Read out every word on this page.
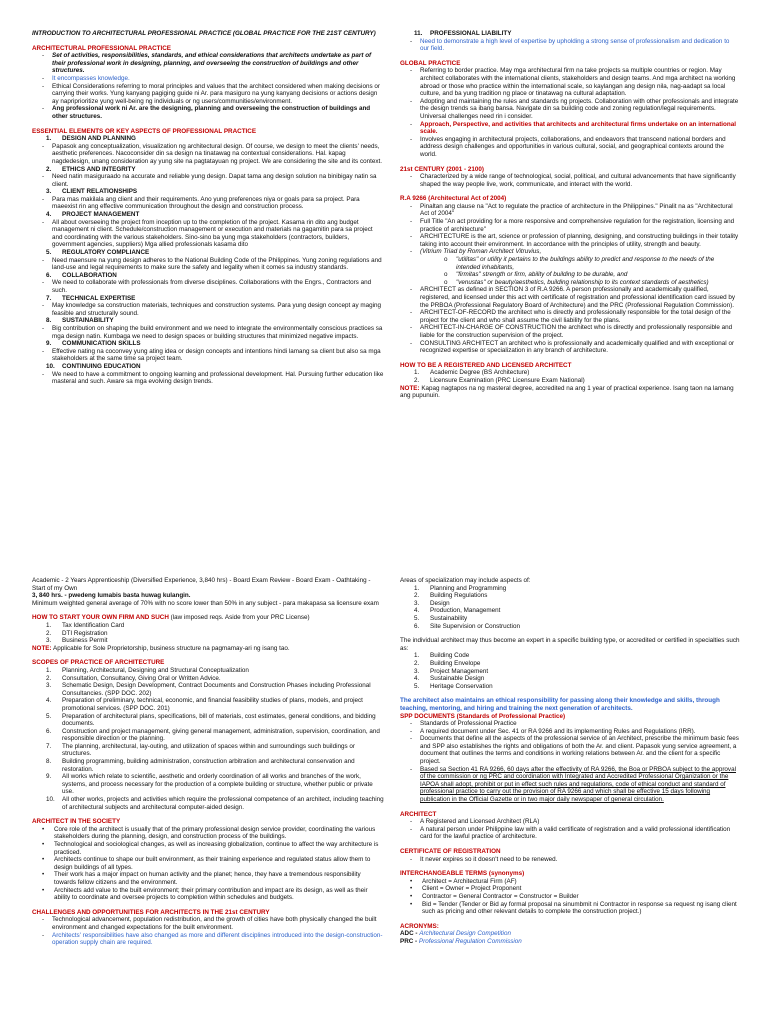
INTRODUCTION TO ARCHITECTURAL PROFESSIONAL PRACTICE (GLOBAL PRACTICE FOR THE 21ST CENTURY)
ARCHITECTURAL PROFESSIONAL PRACTICE
-	Set of activities, responsibilities, standards, and ethical considerations that architects undertake as part of their professional work in designing, planning, and overseeing the construction of buildings and other structures.
-	It encompasses knowledge.
-	Ethical Considerations referring to moral principles and values that the architect considered when making decisions or carrying their works. Yung kanyang pagiging guide ni Ar. para masiguro na yung kanyang decisions or actions design ay napriprioritize yung well-being ng individuals or ng users/communities/environment.
-	Ang professional work ni Ar. are the designing, planning and overseeing the construction of buildings and other structures.
ESSENTIAL ELEMENTS OR KEY ASPECTS OF PROFESSIONAL PRACTICE
1.	DESIGN AND PLANNING
-	Papasok ang conceptualization, visualization ng architectural design. Of course, we design to meet the clients' needs, aesthetic preferences. Nacoconsider din sa design na tinatawag na contextual considerations. Hal. kapag nagdedesign, unang consideration ay yung site na pagtatayuan ng project. We are considering the site and its context.
2.	ETHICS AND INTEGRITY
-	Need natin masiguraado na accurate and reliable yung design. Dapat tama ang design solution na binibigay natin sa client.
3.	CLIENT RELATIONSHIPS
-	Para mas makilala ang client and their requirements. Ano yung preferences niya or goals para sa project. Para maeexist rin ang effective communication throughout the design and construction process.
4.	PROJECT MANAGEMENT
-	All about overseeing the project from inception up to the completion of the project. Kasama rin dito ang budget management ni client. Schedule/construction management or execution and materials na gagamitin para sa project and coordinating with the various stakeholders. Sino-sino ba yung mga stakeholders (contractors, builders, government agencies, suppliers) Mga allied professionals kasama dito
5.	REGULATORY COMPLIANCE
-	Need maensure na yung design adheres to the National Building Code of the Philippines. Yung zoning regulations and land-use and legal requirements to make sure the safety and legality when it comes sa industry standards.
6.	COLLABORATION
-	We need to collaborate with professionals from diverse disciplines. Collaborations with the Engrs., Contractors and such.
7.	TECHNICAL EXPERTISE
-	May knowledge sa construction materials, techniques and construction systems. Para yung design concept ay maging feasible and structurally sound.
8.	SUSTAINABILITY
-	Big contribution on shaping the build environment and we need to integrate the environmentally conscious practices sa mga design natin. Kumbaga we need to design spaces or building structures that minimized negative impacts.
9.	COMMUNICATION SKILLS
-	Effective nating na coconvey yung ating idea or design concepts and intentions hindi lamang sa client but also sa mga stakeholders at the same time sa project team.
10.	CONTINUING EDUCATION
-	We need to have a commitment to ongoing learning and professional development. Hal. Pursuing further education like masteral and such. Aware sa mga evolving design trends.
11.	PROFESSIONAL LIABILITY
-	Need to demonstrate a high level of expertise by upholding a strong sense of professionalism and dedication to our field.
GLOBAL PRACTICE
-	Referring to border practice. May mga architectural firm na take projects sa multiple countries or region. May architect collaborates with the international clients, stakeholders and design teams. And mga architect na working abroad or those who practice within the international scale, so kaylangan ang design nila, nag-aadapt sa local culture, and ba yung tradition ng place or tinatawag na cultural adaptation.
-	Adopting and maintaining the rules and standards ng projects. Collaboration with other professionals and integrate the design trends sa ibang bansa. Navigate din sa building code and zoning regulation/legal requirements. Universal challenges need rin i consider.
-	Approach, Perspective, and activities that architects and architectural firms undertake on an international scale.
-	Involves engaging in architectural projects, collaborations, and endeavors that transcend national borders and address design challenges and opportunities in various cultural, social, and geographical contexts around the world.
21st CENTURY (2001 - 2100)
-	Characterized by a wide range of technological, social, political, and cultural advancements that have significantly shaped the way people live, work, communicate, and interact with the world.
R.A 9266 (Architectural Act of 2004)
-	Pinaltan ang clause na "Act to regulate the practice of architecture in the Philippines." Pinalit na as "Architectural Act of 2004"
-	Full Title "An act providing for a more responsive and comprehensive regulation for the registration, licensing and practice of architecture"
-	ARCHITECTURE is the art, science or profession of planning, designing, and constructing buildings in their totality taking into account their environment. In accordance with the principles of utility, strength and beauty.
-	(Vitrium Triad by Roman Architect Vitruvius,
o	"utilitas" or utility it pertains to the buildings ability to predict and response to the needs of the intended inhabitants,
o	"firmitas" strength or firm, ability of building to be durable, and
o	"venustas" or beauty/aesthetics, building relationship to its context standards of aesthetics)
-	ARCHITECT as defined in SECTION 3 of R.A 9266. A person professionally and academically qualified, registered, and licensed under this act with certificate of registration and professional identification card issued by the PRBOA (Professional Regulatory Board of Architecture) and the PRC (Professional Regulation Commission).
-	ARCHITECT-OF-RECORD the architect who is directly and professionally responsible for the total design of the project for the client and who shall assume the civil liability for the plans.
-	ARCHITECT-IN-CHARGE OF CONSTRUCTION the architect who is directly and professionally responsible and liable for the construction supervision of the project.
-	CONSULTING ARCHITECT an architect who is professionally and academically qualified and with exceptional or recognized expertise or specialization in any branch of architecture.
HOW TO BE A REGISTERED AND LICENSED ARCHITECT
1.	Academic Degree (BS Architecture)
2.	Licensure Examination (PRC Licensure Exam National)
NOTE: Kapag nagtapos na ng masteral degree, accredited na ang 1 year of practical experience. Isang taon na lamang ang pupunuin.
Academic - 2 Years Apprenticeship (Diversified Experience, 3,840 hrs) - Board Exam Review - Board Exam - Oathtaking - Start of my Own
3, 840 hrs. - pwedeng lumabis basta huwag kulangin.
Minimum weighted general average of 70% with no score lower than 50% in any subject - para makapasa sa licensure exam
HOW TO START YOUR OWN FIRM AND SUCH (law imposed reqs. Aside from your PRC License)
1.	Tax Identification Card
2.	DTI Registration
3.	Business Permit
NOTE: Applicable for Sole Proprietorship, business structure na pagmamay-ari ng isang tao.
SCOPES OF PRACTICE OF ARCHITECTURE
1.	Planning, Architectural, Designing and Structural Conceptualization
2.	Consultation, Consultancy, Giving Oral or Written Advice.
3.	Schematic Design, Design Development, Contract Documents and Construction Phases including Professional Consultancies. (SPP DOC. 202)
4.	Preparation of preliminary, technical, economic, and financial feasibility studies of plans, models, and project promotional services. (SPP DOC. 201)
5.	Preparation of architectural plans, specifications, bill of materials, cost estimates, general conditions, and bidding documents.
6.	Construction and project management, giving general management, administration, supervision, coordination, and responsible direction or the planning.
7.	The planning, architectural, lay-outing, and utilization of spaces within and surroundings such buildings or structures.
8.	Building programming, building administration, construction arbitration and architectural conservation and restoration.
9.	All works which relate to scientific, aesthetic and orderly coordination of all works and branches of the work, systems, and process necessary for the production of a complete building or structure, whether public or private use.
10.	All other works, projects and activities which require the professional competence of an architect, including teaching of architectural subjects and architectural computer-aided design.
ARCHITECT IN THE SOCIETY
•	Core role of the architect is usually that of the primary professional design service provider, coordinating the various stakeholders during the planning, design, and construction process of the buildings.
•	Technological and sociological changes, as well as increasing globalization, continue to affect the way architecture is practiced.
•	Architects continue to shape our built environment, as their training experience and regulated status allow them to design buildings of all types.
•	Their work has a major impact on human activity and the planet; hence, they have a tremendous responsibility towards fellow citizens and the environment.
•	Architects add value to the built environment; their primary contribution and impact are its design, as well as their ability to coordinate and oversee projects to completion within schedules and budgets.
CHALLENGES AND OPPORTUNITIES FOR ARCHITECTS IN THE 21st CENTURY
-	Technological advancement, population redistribution, and the growth of cities have both physically changed the built environment and changed expectations for the built environment.
-	Architects' responsibilities have also changed as more and different disciplines introduced into the design-construction-operation supply chain are required.
Areas of specialization may include aspects of:
1.	Planning and Programming
2.	Building Regulations
3.	Design
4.	Production, Management
5.	Sustainability
6.	Site Supervision or Construction
The individual architect may thus become an expert in a specific building type, or accredited or certified in specialties such as:
1.	Building Code
2.	Building Envelope
3.	Project Management
4.	Sustainable Design
5.	Heritage Conservation
The architect also maintains an ethical responsibility for passing along their knowledge and skills, through teaching, mentoring, and hiring and training the next generation of architects.
SPP DOCUMENTS (Standards of Professional Practice)
-	Standards of Professional Practice
-	A required document under Sec. 41 or RA 9266 and its implementing Rules and Regulations (IRR).
-	Documents that define all the aspects of the professional service of an Architect, prescribe the minimum basic fees and SPP also establishes the rights and obligations of both the Ar. and client. Papasok yung service agreement, a document that outlines the terms and conditions in working relations between Ar. and the client for a specific project.
-	Based sa Section 41 RA 9266, 60 days after the effectivity of RA 9266, the Boa or PRBOA subject to the approval of the commission or ng PRC and coordination with Integrated and Accredited Professional Organization or the IAPOA shall adopt, prohibit or put in effect such rules and regulations, code of ethical conduct and standard of professional practice to carry out the provision of RA 9266 and which shall be effective 15 days following publication in the Official Gazette or in two major daily newspaper of general circulation.
ARCHITECT
-	A Registered and Licensed Architect (RLA)
-	A natural person under Philippine law with a valid certificate of registration and a valid professional identification card for the lawful practice of architecture.
CERTIFICATE OF REGISTRATION
-	It never expires so it doesn't need to be renewed.
INTERCHANGEABLE TERMS (synonyms)
•	Architect = Architectural Firm (AF)
•	Client = Owner = Project Proponent
•	Contractor = General Contractor = Constructor = Builder
•	Bid = Tender (Tender or Bid ay formal proposal na sinumbmit ni Contractor in response sa request ng isang client such as pricing and other relevant details to complete the construction project.)
ACRONYMS:
ADC - Architectural Design Competition
PRC - Professional Regulation Commission
